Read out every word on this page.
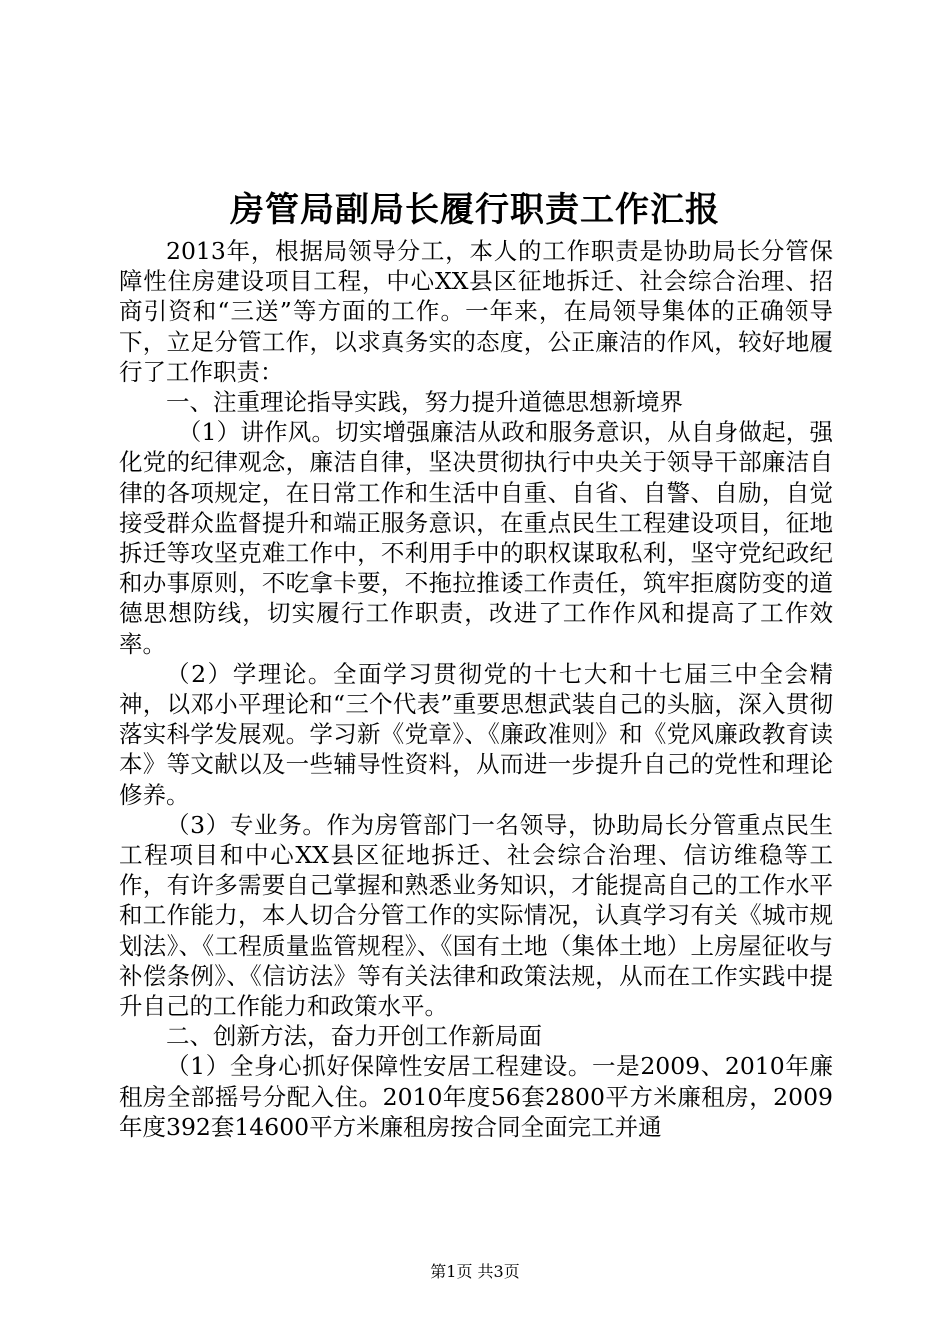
房管局副局长履行职责工作汇报

2013年，根据局领导分工，本人的工作职责是协助局长分管保障性住房建设项目工程，中心XX县区征地拆迁、社会综合治理、招商引资和“三送”等方面的工作。一年来，在局领导集体的正确领导下，立足分管工作，以求真务实的态度，公正廉洁的作风，较好地履行了工作职责：

一、注重理论指导实践，努力提升道德思想新境界

（1）讲作风。切实增强廉洁从政和服务意识，从自身做起，强化党的纪律观念，廉洁自律，坚决贯彻执行中央关于领导干部廉洁自律的各项规定，在日常工作和生活中自重、自省、自警、自励，自觉接受群众监督提升和端正服务意识，在重点民生工程建设项目，征地拆迁等攻坚克难工作中，不利用手中的职权谋取私利，坚守党纪政纪和办事原则，不吃拿卡要，不拖拉推诿工作责任，筑牢拒腐防变的道德思想防线，切实履行工作职责，改进了工作作风和提高了工作效率。

（2）学理论。全面学习贯彻党的十七大和十七届三中全会精神，以邓小平理论和“三个代表”重要思想武装自己的头脑，深入贯彻落实科学发展观。学习新《党章》、《廉政准则》和《党风廉政教育读本》等文献以及一些辅导性资料，从而进一步提升自己的党性和理论修养。

（3）专业务。作为房管部门一名领导，协助局长分管重点民生工程项目和中心XX县区征地拆迁、社会综合治理、信访维稳等工作，有许多需要自己掌握和熟悉业务知识，才能提高自己的工作水平和工作能力，本人切合分管工作的实际情况，认真学习有关《城市规划法》、《工程质量监管规程》、《国有土地（集体土地）上房屋征收与补偿条例》、《信访法》等有关法律和政策法规，从而在工作实践中提升自己的工作能力和政策水平。

二、创新方法，奋力开创工作新局面

（1）全身心抓好保障性安居工程建设。一是2009、2010年廉租房全部摇号分配入住。2010年度56套2800平方米廉租房，2009年度392套14600平方米廉租房按合同全面完工并通

第1页 共3页
